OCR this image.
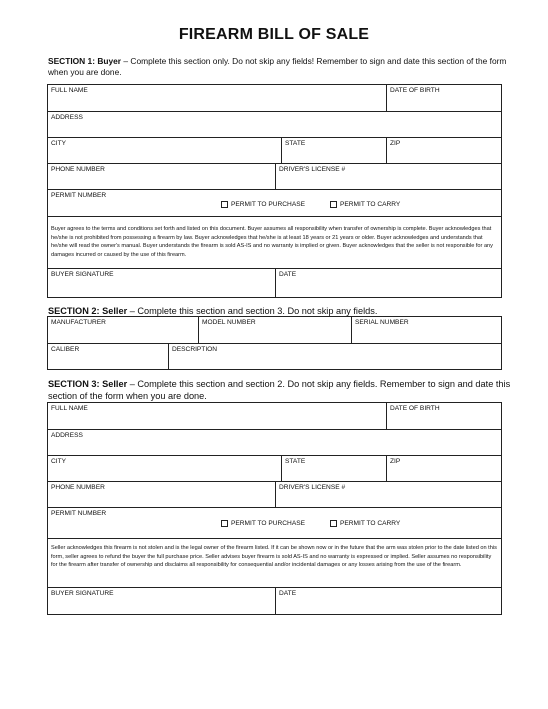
FIREARM BILL OF SALE
SECTION 1: Buyer – Complete this section only. Do not skip any fields! Remember to sign and date this section of the form when you are done.
FULL NAME	DATE OF BIRTH
ADDRESS
CITY	STATE	ZIP
PHONE NUMBER	DRIVER'S LICENSE #
PERMIT NUMBER
PERMIT TO PURCHASE	PERMIT TO CARRY
Buyer agrees to the terms and conditions set forth and listed on this document. Buyer assumes all responsibility when transfer of ownership is complete. Buyer acknowledges that he/she is not prohibited from possessing a firearm by law. Buyer acknowledges that he/she is at least 18 years or 21 years or older. Buyer acknowledges and understands that he/she will read the owner's manual. Buyer understands the firearm is sold AS-IS and no warranty is implied or given. Buyer acknowledges that the seller is not responsible for any damages incurred or caused by the use of this firearm.
BUYER SIGNATURE	DATE
SECTION 2: Seller – Complete this section and section 3. Do not skip any fields.
MANUFACTURER	MODEL NUMBER	SERIAL NUMBER
CALIBER	DESCRIPTION
SECTION 3: Seller – Complete this section and section 2. Do not skip any fields. Remember to sign and date this section of the form when you are done.
FULL NAME	DATE OF BIRTH
ADDRESS
CITY	STATE	ZIP
PHONE NUMBER	DRIVER'S LICENSE #
PERMIT NUMBER
PERMIT TO PURCHASE	PERMIT TO CARRY
Seller acknowledges this firearm is not stolen and is the legal owner of the firearm listed. If it can be shown now or in the future that the arm was stolen prior to the date listed on this form, seller agrees to refund the buyer the full purchase price. Seller advises buyer firearm is sold AS-IS and no warranty is expressed or implied. Seller assumes no responsibility for the firearm after transfer of ownership and disclaims all responsibility for consequential and/or incidental damages or any losses arising from the use of the firearm.
BUYER SIGNATURE	DATE
